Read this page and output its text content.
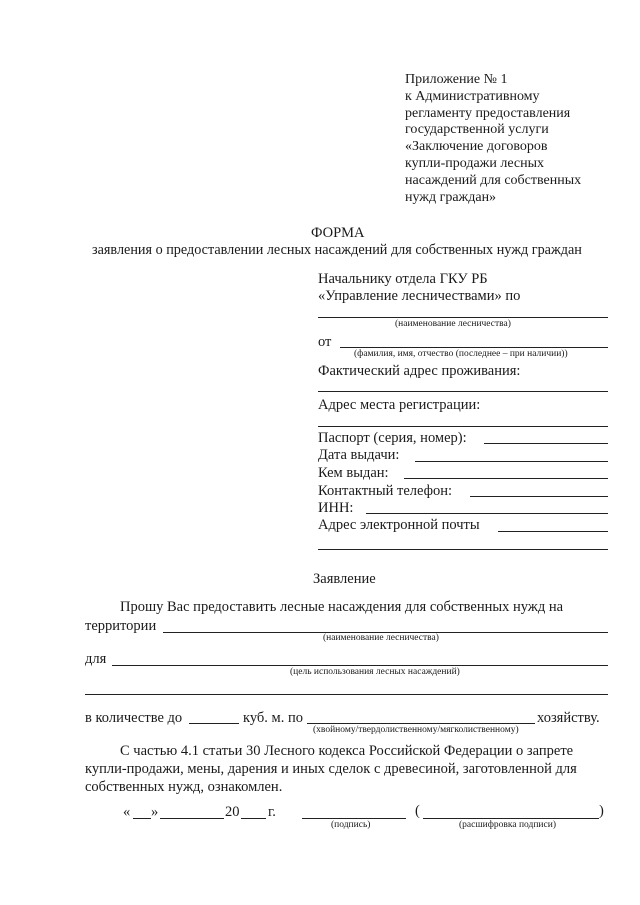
Приложение № 1
к Административному
регламенту предоставления
государственной услуги
«Заключение договоров
купли-продажи лесных
насаждений для собственных
нужд граждан»
ФОРМА
заявления о предоставлении лесных насаждений для собственных нужд граждан
Начальнику отдела ГКУ РБ
«Управление лесничествами» по
(наименование лесничества)
от
(фамилия, имя, отчество (последнее – при наличии))
Фактический адрес проживания:
Адрес места регистрации:
Паспорт (серия, номер):
Дата выдачи:
Кем выдан:
Контактный телефон:
ИНН:
Адрес электронной почты
Заявление
Прошу Вас предоставить лесные насаждения для собственных нужд на
территории
(наименование лесничества)
для
(цель использования лесных насаждений)
в количестве до	куб. м. по	хозяйству.
(хвойному/твердолиственному/мягколиственному)
С частью 4.1 статьи 30 Лесного кодекса Российской Федерации о запрете
купли-продажи, мены, дарения и иных сделок с древесиной, заготовленной для
собственных нужд, ознакомлен.
« »	20 г.
(подпись)
(	)
(расшифровка подписи)
